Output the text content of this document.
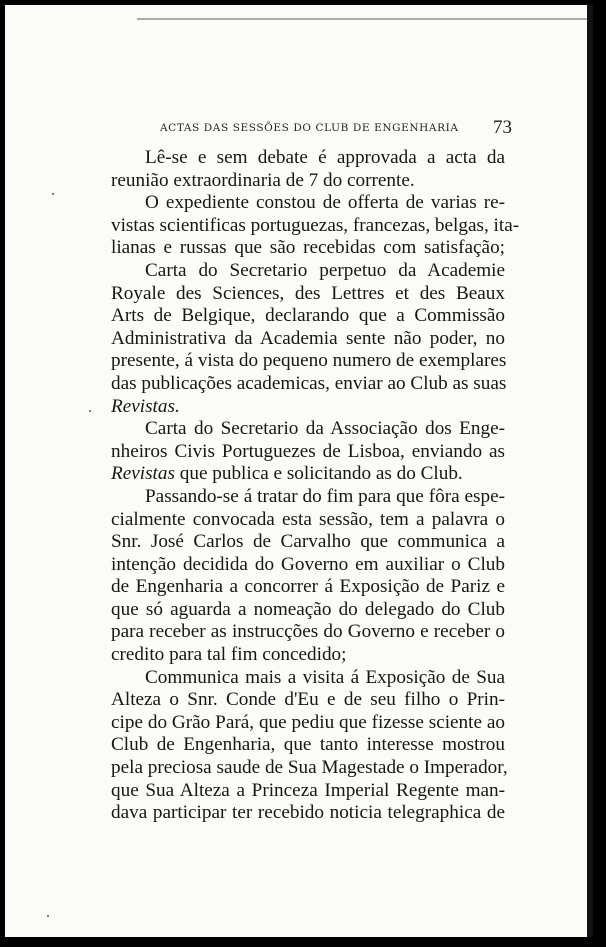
ACTAS DAS SESSÕES DO CLUB DE ENGENHARIA	73
Lê-se e sem debate é approvada a acta da
reunião extraordinaria de 7 do corrente.
O expediente constou de offerta de varias re-
vistas scientificas portuguezas, francezas, belgas, ita-
lianas e russas que são recebidas com satisfação;
Carta do Secretario perpetuo da Academie
Royale des Sciences, des Lettres et des Beaux
Arts de Belgique, declarando que a Commissão
Administrativa da Academia sente não poder, no
presente, á vista do pequeno numero de exemplares
das publicações academicas, enviar ao Club as suas
Revistas.
Carta do Secretario da Associação dos Enge-
nheiros Civis Portuguezes de Lisboa, enviando as
Revistas que publica e solicitando as do Club.
Passando-se á tratar do fim para que fôra espe-
cialmente convocada esta sessão, tem a palavra o
Snr. José Carlos de Carvalho que communica a
intenção decidida do Governo em auxiliar o Club
de Engenharia a concorrer á Exposição de Pariz e
que só aguarda a nomeação do delegado do Club
para receber as instrucções do Governo e receber o
credito para tal fim concedido;
Communica mais a visita á Exposição de Sua
Alteza o Snr. Conde d'Eu e de seu filho o Prin-
cipe do Grão Pará, que pediu que fizesse sciente ao
Club de Engenharia, que tanto interesse mostrou
pela preciosa saude de Sua Magestade o Imperador,
que Sua Alteza a Princeza Imperial Regente man-
dava participar ter recebido noticia telegraphica de
